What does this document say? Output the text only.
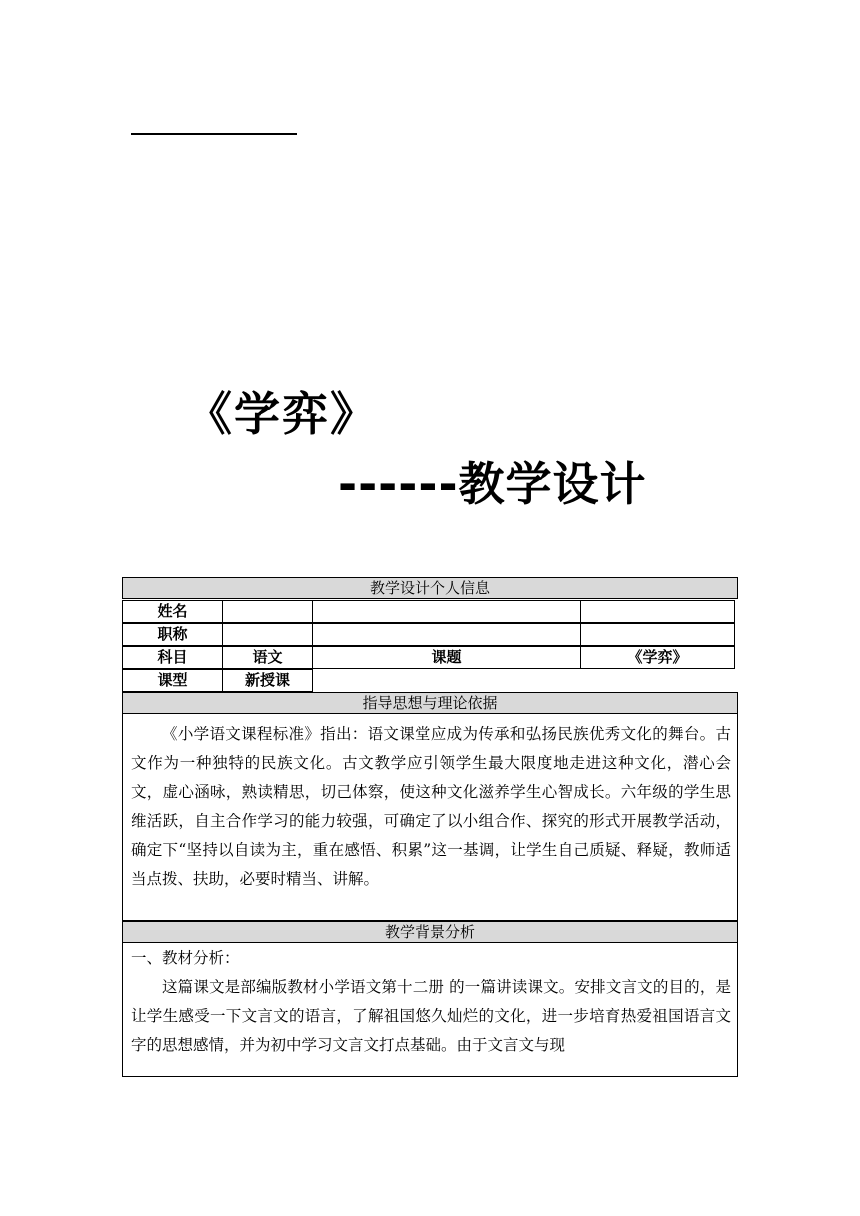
《学弈》
------教学设计
教学设计个人信息
姓名
职称
科目	语文	课题	《学弈》
课型	新授课
指导思想与理论依据

《小学语文课程标准》指出：语文课堂应成为传承和弘扬民族优秀文化的舞台。古文作为一种独特的民族文化。古文教学应引领学生最大限度地走进这种文化，潜心会文，虚心涵咏，熟读精思，切己体察，使这种文化滋养学生心智成长。六年级的学生思维活跃，自主合作学习的能力较强，可确定了以小组合作、探究的形式开展教学活动，确定下“坚持以自读为主，重在感悟、积累”这一基调，让学生自己质疑、释疑，教师适当点拨、扶助，必要时精当、讲解。

教学背景分析

一、教材分析：

这篇课文是部编版教材小学语文第十二册 的一篇讲读课文。安排文言文的目的，是让学生感受一下文言文的语言，了解祖国悠久灿烂的文化，进一步培育热爱祖国语言文字的思想感情，并为初中学习文言文打点基础。由于文言文与现
